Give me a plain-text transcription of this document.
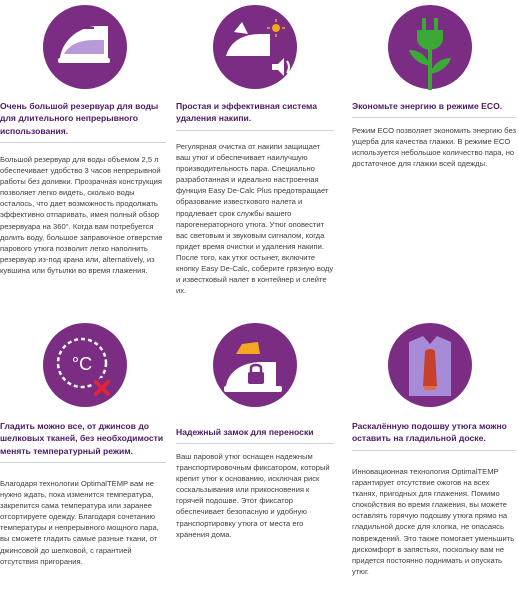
Очень большой резервуар для воды для длительного непрерывного использования.
Большой резервуар для воды объемом 2,5 л обеспечивает удобство 3 часов непрерывной работы без доливки. Прозрачная конструкция позволяет легко видеть, сколько воды осталось, что дает возможность продолжать эффективно отпаривать, имея полный обзор резервуара на 360°. Когда вам потребуется долить воду, большое заправочное отверстие парового утюга позволит легко наполнить резервуар из-под крана или, alternatively, из кувшина или бутылки во время глажения.
Простая и эффективная система удаления накипи.
Регулярная очистка от накипи защищает ваш утюг и обеспечивает наилучшую производительность пара. Специально разработанная и идеально настроенная функция Easy De-Calc Plus предотвращает образование известкового налета и продлевает срок службы вашего парогенераторного утюга. Утюг оповестит вас световым и звуковым сигналом, когда придет время очистки и удаления накипи. После того, как утюг остынет, включите кнопку Easy De-Calc, соберите грязную воду и известковый налет в контейнер и слейте их.
Экономьте энергию в режиме ECO.
Режим ECO позволяет экономить энергию без ущерба для качества глажки. В режиме ECO используется небольшое количество пара, но достаточное для глажки всей одежды.
°C
Гладить можно все, от джинсов до шелковых тканей, без необходимости менять температурный режим.
Благодаря технологии OptimalTEMP вам не нужно ждать, пока изменится температура, закрепится сама температура или заранее отсортируете одежду. Благодаря сочетанию температуры и непрерывного мощного пара, вы сможете гладить самые разные ткани, от джинсовой до шелковой, с гарантией отсутствия пригорания.
Надежный замок для переноски
Ваш паровой утюг оснащен надежным транспортировочным фиксатором, который крепит утюг к основанию, исключая риск соскальзывания или прикосновения к горячей подошве. Этот фиксатор обеспечивает безопасную и удобную транспортировку утюга от места его хранения дома.
Раскалённую подошву утюга можно оставить на гладильной доске.
Инновационная технология OptimalTEMP гарантирует отсутствие ожогов на всех тканях, пригодных для глажения. Помимо спокойствия во время глажения, вы можете оставлять горячую подошву утюга прямо на гладильной доске для хлопка, не опасаясь повреждений. Это также помогает уменьшить дискомфорт в запястьях, поскольку вам не придется постоянно поднимать и опускать утюг.
